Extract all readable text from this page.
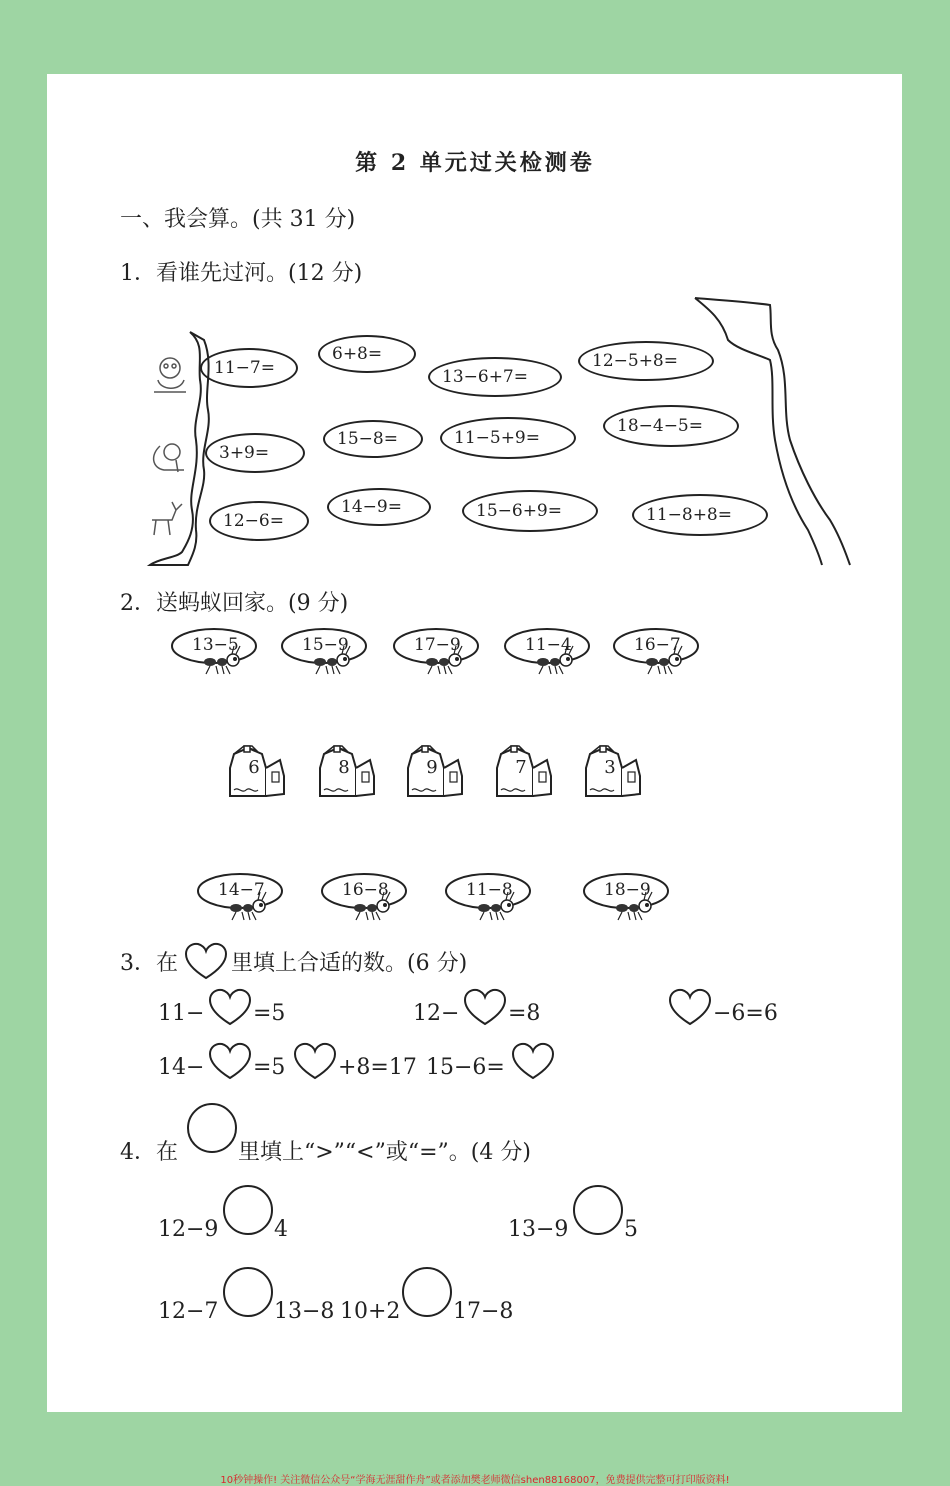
第 2 单元过关检测卷
一、我会算。(共 31 分)
1．看谁先过河。(12 分)
11−7=
6+8=
13−6+7=
12−5+8=
3+9=
15−8=	11−5+9=
18−4−5=
12−6=
14−9=	15−6+9=	11−8+8=
2．送蚂蚁回家。(9 分)
13−5	15−9	17−9	11−4	16−7
6	8	9	7	3
14−7	16−8	11−8	18−9
3．在 里填上合适的数。(6 分)
11− =5	12− =8	−6=6
14− =5 +8=17 15−6=
4．在	里填上“>”“<”或“=”。(4 分)
12−9	4	13−9	5
12−7	13−8 10+2 17−8
10秒钟操作! 关注微信公众号“学海无涯甜作舟”或者添加樊老师微信shen88168007，免费提供完整可打印版资料!
